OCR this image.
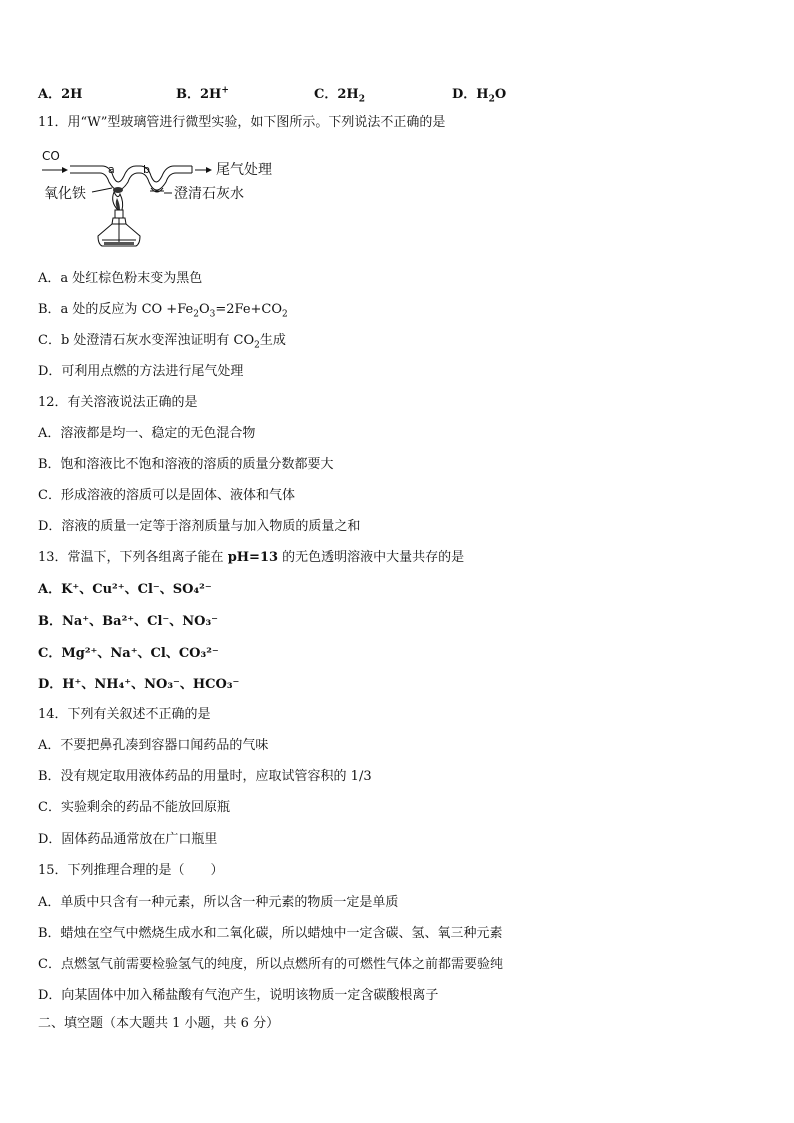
A．2H	B．2H+	C．$2H_2$	D．$H_2O$
11．用“W”型玻璃管进行微型实验，如下图所示。下列说法不正确的是
CO
a	b	尾气处理
氧化铁	澄清石灰水
A．a 处红棕色粉末变为黑色
B．a 处的反应为 CO $+Fe_2O_3=2Fe+CO_2$
C．b 处澄清石灰水变浑浊证明有 $CO_2$生成
D．可利用点燃的方法进行尾气处理
12．有关溶液说法正确的是
A．溶液都是均一、稳定的无色混合物
B．饱和溶液比不饱和溶液的溶质的质量分数都要大
C．形成溶液的溶质可以是固体、液体和气体
D．溶液的质量一定等于溶剂质量与加入物质的质量之和
13．常温下，下列各组离子能在 pH=13 的无色透明溶液中大量共存的是
A．K⁺、Cu²⁺、Cl⁻、SO₄²⁻
B．Na⁺、Ba²⁺、Cl⁻、NO₃⁻
C．Mg²⁺、Na⁺、Cl、CO₃²⁻
D．H⁺、NH₄⁺、NO₃⁻、HCO₃⁻
14．下列有关叙述不正确的是
A．不要把鼻孔凑到容器口闻药品的气味
B．没有规定取用液体药品的用量时，应取试管容积的 1/3
C．实验剩余的药品不能放回原瓶
D．固体药品通常放在广口瓶里
15．下列推理合理的是（　　）
A．单质中只含有一种元素，所以含一种元素的物质一定是单质
B．蜡烛在空气中燃烧生成水和二氧化碳，所以蜡烛中一定含碳、氢、氧三种元素
C．点燃氢气前需要检验氢气的纯度，所以点燃所有的可燃性气体之前都需要验纯
D．向某固体中加入稀盐酸有气泡产生，说明该物质一定含碳酸根离子
二、填空题（本大题共 1 小题，共 6 分）
